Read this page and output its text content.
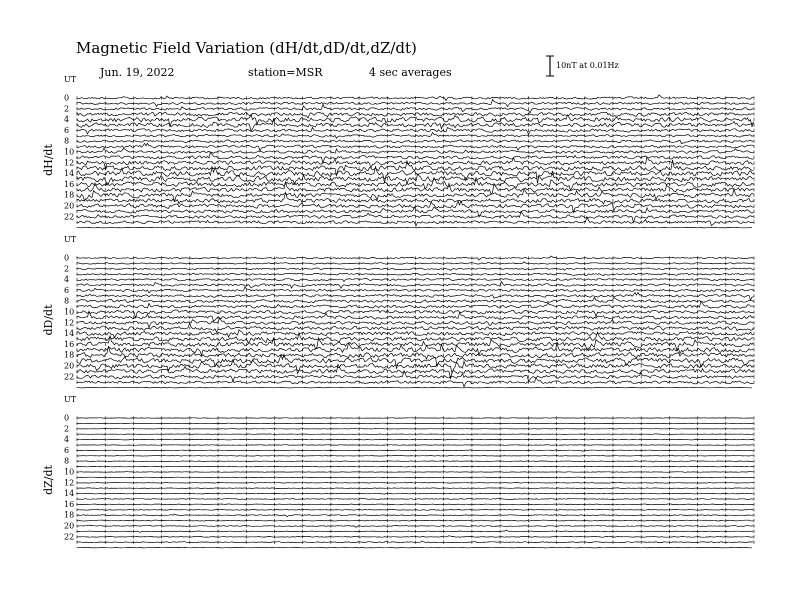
Magnetic Field Variation (dH/dt,dD/dt,dZ/dt)
Jun. 19, 2022	station=MSR	4 sec averages
10nT at 0.01Hz
dH/dt
UT
0
2
4
6
8
10
12
14
16
18
20
22
dD/dt
UT
0
2
4
6
8
10
12
14
16
18
20
22
dZ/dt
UT
0
2
4
6
8
10
12
14
16
18
20
22
